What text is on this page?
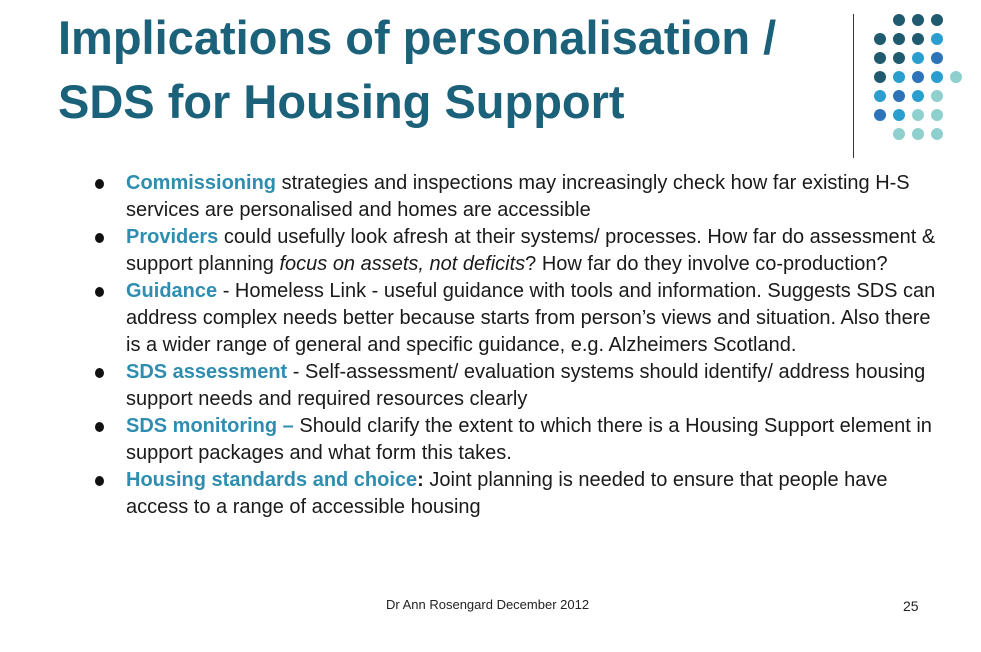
Implications of personalisation /
SDS for Housing Support
Commissioning strategies and inspections may increasingly check how far existing H-S services are personalised and homes are accessible
Providers could usefully look afresh at their systems/ processes. How far do assessment & support planning focus on assets, not deficits? How far do they involve co-production?
Guidance - Homeless Link - useful guidance with tools and information. Suggests SDS can address complex needs better because starts from person’s views and situation. Also there is a wider range of general and specific guidance, e.g. Alzheimers Scotland.
SDS assessment - Self-assessment/ evaluation systems should identify/ address housing support needs and required resources clearly
SDS monitoring – Should clarify the extent to which there is a Housing Support element in support packages and what form this takes.
Housing standards and choice: Joint planning is needed to ensure that people have access to a range of accessible housing
Dr Ann Rosengard December 2012	25
